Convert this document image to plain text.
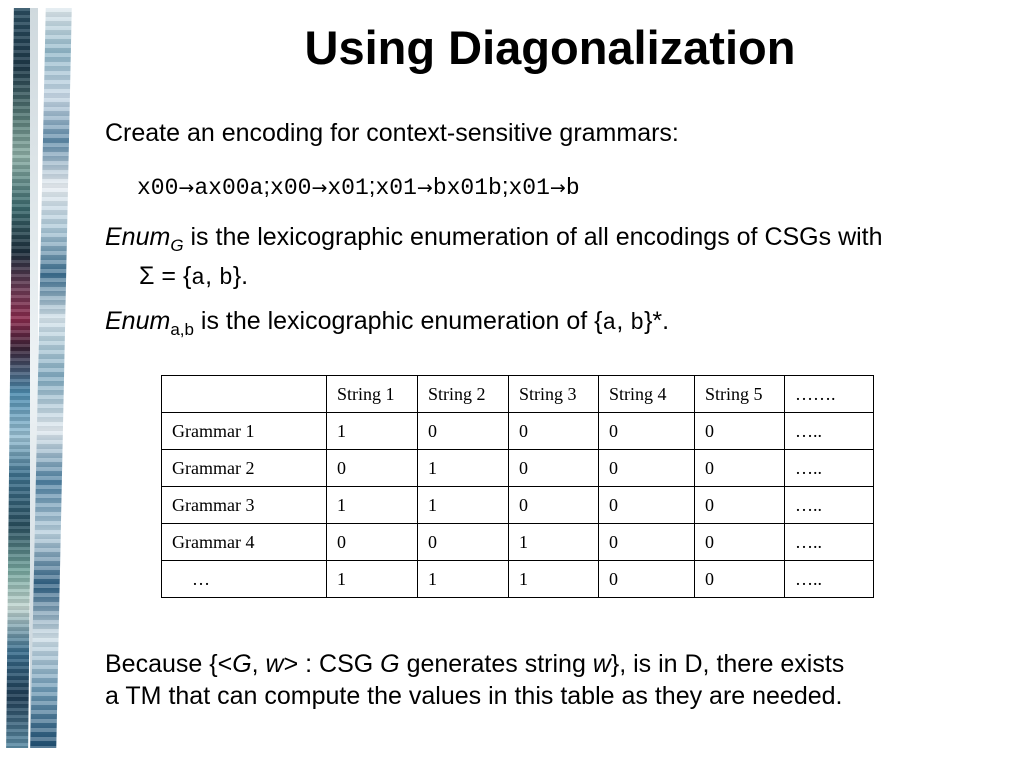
Using Diagonalization

Create an encoding for context-sensitive grammars:

x00→ax00a;x00→x01;x01→bx01b;x01→b

Enum$_G$ is the lexicographic enumeration of all encodings of CSGs with
Σ = {a, b}.

Enum$_{a,b}$ is the lexicographic enumeration of {a, b}*.

	String 1	String 2	String 3	String 4	String 5	…….
Grammar 1	1	0	0	0	0	…..
Grammar 2	0	1	0	0	0	…..
Grammar 3	1	1	0	0	0	…..
Grammar 4	0	0	1	0	0	…..
…	1	1	1	0	0	…..

Because {<G, w> : CSG G generates string w}, is in D, there exists
a TM that can compute the values in this table as they are needed.
